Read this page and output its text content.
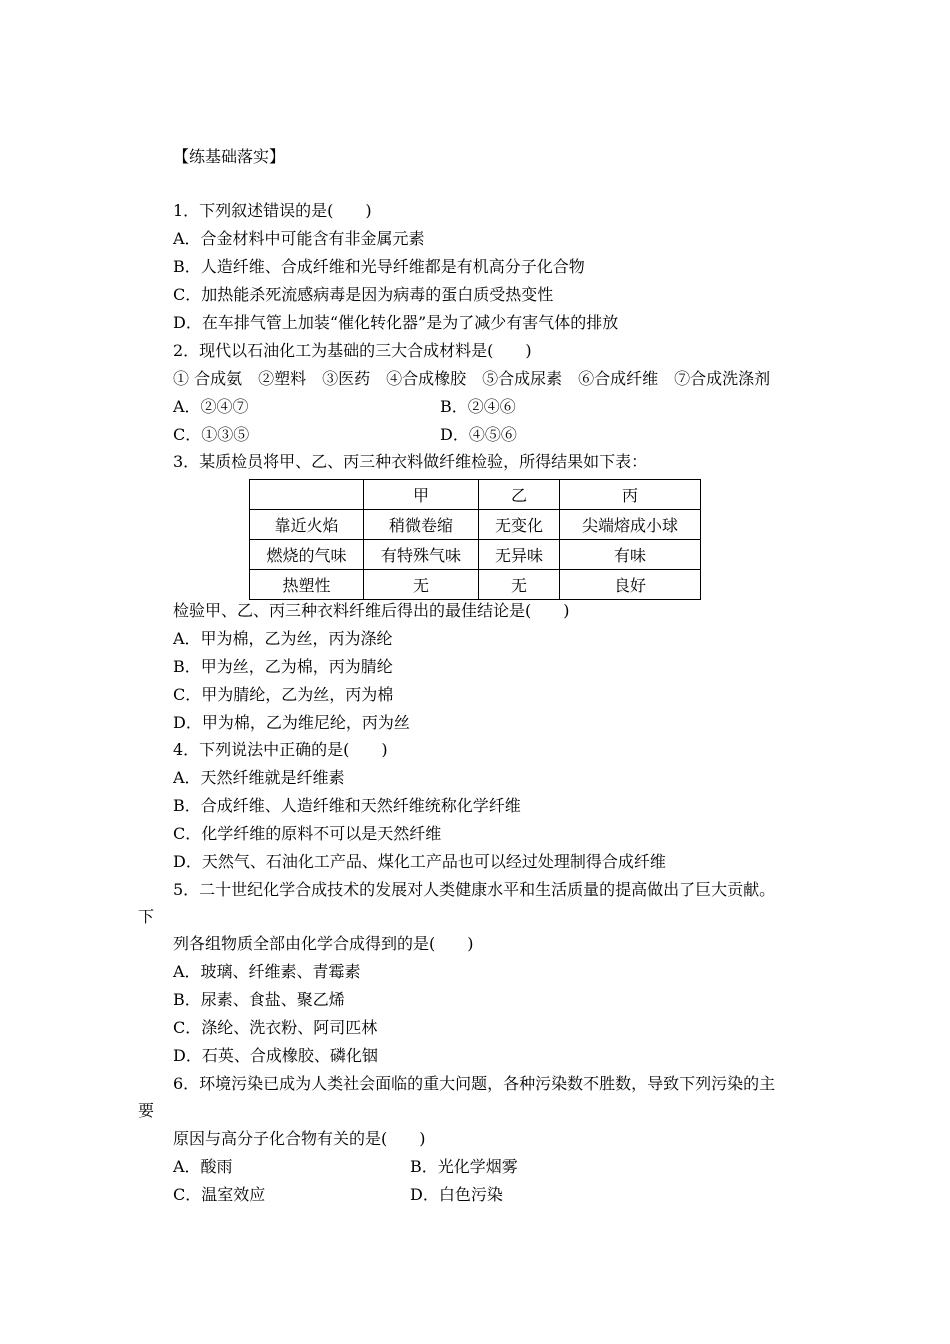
【练基础落实】
1．下列叙述错误的是(　　)
A．合金材料中可能含有非金属元素
B．人造纤维、合成纤维和光导纤维都是有机高分子化合物
C．加热能杀死流感病毒是因为病毒的蛋白质受热变性
D．在车排气管上加装“催化转化器”是为了减少有害气体的排放
2．现代以石油化工为基础的三大合成材料是(　　)
① 合成氨　②塑料　③医药　④合成橡胶　⑤合成尿素　⑥合成纤维　⑦合成洗涤剂
A．②④⑦	B．②④⑥
C．①③⑤	D．④⑤⑥
3．某质检员将甲、乙、丙三种衣料做纤维检验，所得结果如下表：
	甲	乙	丙
靠近火焰	稍微卷缩	无变化	尖端熔成小球
燃烧的气味	有特殊气味	无异味	有味
热塑性	无	无	良好
检验甲、乙、丙三种衣料纤维后得出的最佳结论是(　　)
A．甲为棉，乙为丝，丙为涤纶
B．甲为丝，乙为棉，丙为腈纶
C．甲为腈纶，乙为丝，丙为棉
D．甲为棉，乙为维尼纶，丙为丝
4．下列说法中正确的是(　　)
A．天然纤维就是纤维素
B．合成纤维、人造纤维和天然纤维统称化学纤维
C．化学纤维的原料不可以是天然纤维
D．天然气、石油化工产品、煤化工产品也可以经过处理制得合成纤维
5．二十世纪化学合成技术的发展对人类健康水平和生活质量的提高做出了巨大贡献。
下
列各组物质全部由化学合成得到的是(　　)
A．玻璃、纤维素、青霉素
B．尿素、食盐、聚乙烯
C．涤纶、洗衣粉、阿司匹林
D．石英、合成橡胶、磷化铟
6．环境污染已成为人类社会面临的重大问题，各种污染数不胜数，导致下列污染的主
要
原因与高分子化合物有关的是(　　)
A．酸雨	B．光化学烟雾
C．温室效应	D．白色污染
